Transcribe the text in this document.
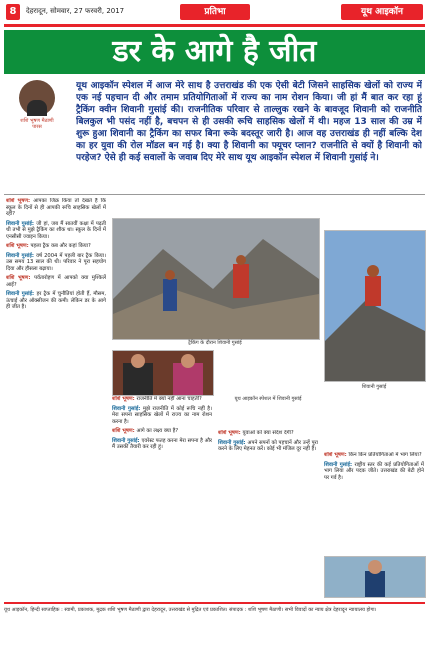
8	देहरादून, सोमवार, 27 फरवरी, 2017	प्रतिभा	यूथ आइकॉन
डर के आगे है जीत
शशि भूषण मैठाणी
पारस
यूथ आइकॉन स्पेशल में आज मेरे साथ है उत्तराखंड की एक ऐसी बेटी जिसने साहसिक खेलों को राज्य में एक नई पहचान दी और तमाम प्रतियोगिताओं में राज्य का नाम रोशन किया। जी हां मैं बात कर रहा हूं ट्रैकिंग क्वीन शिवानी गुसांई की। राजनीतिक परिवार से ताल्लुक रखने के बावजूद शिवानी को राजनीति बिलकुल भी पसंद नहीं है, बचपन से ही उसकी रूचि साहसिक खेलों में थी। महज 13 साल की उम्र में शुरू हुआ शिवानी का ट्रैकिंग का सफर बिना रूके बदस्तूर जारी है। आज वह उत्तराखंड ही नहीं बल्कि देश का हर युवा की रोल मॉडल बन गई है। क्या है शिवानी का फ्यूचर प्लान? राजनीति से क्यों है शिवानी को परहेज? ऐसे ही कई सवालों के जवाब दिए मेरे साथ यूथ आइकॉन स्पेशल में शिवानी गुसांई ने।

शशि भूषण: आपका जिक्र किया तो देखते हैं कि स्कूल के दिनों से ही आपकी रूचि साहसिक खेलों में रही?

शिवानी गुसांई: जी हां, जब मैं सातवीं कक्षा में पढ़ती थी तभी से मुझे ट्रैकिंग का शौक था। स्कूल के दिनों में एनसीसी ज्वाइन किया।

शशि भूषण: पहला ट्रैक कब और कहां किया?

शिवानी गुसांई: वर्ष 2004 में पहली बार ट्रैक किया। उस समय 13 साल की थी। परिवार ने पूरा सहयोग दिया और हौसला बढ़ाया।

शशि भूषण: पर्वतारोहण में आपको क्या मुश्किलें आईं?

शिवानी गुसांई: हर ट्रैक में चुनौतियां होती हैं, मौसम, ऊंचाई और ऑक्सीजन की कमी। लेकिन डर के आगे ही जीत है।

शशि भूषण: राजनीति में क्यों नहीं आना चाहतीं?

शिवानी गुसांई: मुझे राजनीति में कोई रूचि नहीं है। मेरा सपना साहसिक खेलों में राज्य का नाम रोशन करना है।

शशि भूषण: आगे का लक्ष्य क्या है?

शिवानी गुसांई: एवरेस्ट फतह करना मेरा सपना है और मैं उसकी तैयारी कर रही हूं।

शशि भूषण: युवाओं को क्या संदेश देंगी?

शिवानी गुसांई: अपने सपनों को पहचानें और उन्हें पूरा करने के लिए मेहनत करें। कोई भी मंजिल दूर नहीं है।

शशि भूषण: किन किन प्रतियोगिताओं में भाग लिया?

शिवानी गुसांई: राष्ट्रीय स्तर की कई प्रतियोगिताओं में भाग लिया और पदक जीते। उत्तराखंड की बेटी होने पर गर्व है।

ट्रैकिंग के दौरान शिवानी गुसांई
यूथ आइकॉन स्पेशल में शिवानी गुसांई
शिवानी गुसांई
यूथ आइकॉन, हिन्दी साप्ताहिक : स्वामी, प्रकाशक, मुद्रक शशि भूषण मैठाणी द्वारा देहरादून, उत्तराखंड से मुद्रित एवं प्रकाशित। संपादक : शशि भूषण मैठाणी। सभी विवादों का न्याय क्षेत्र देहरादून न्यायालय होगा।
